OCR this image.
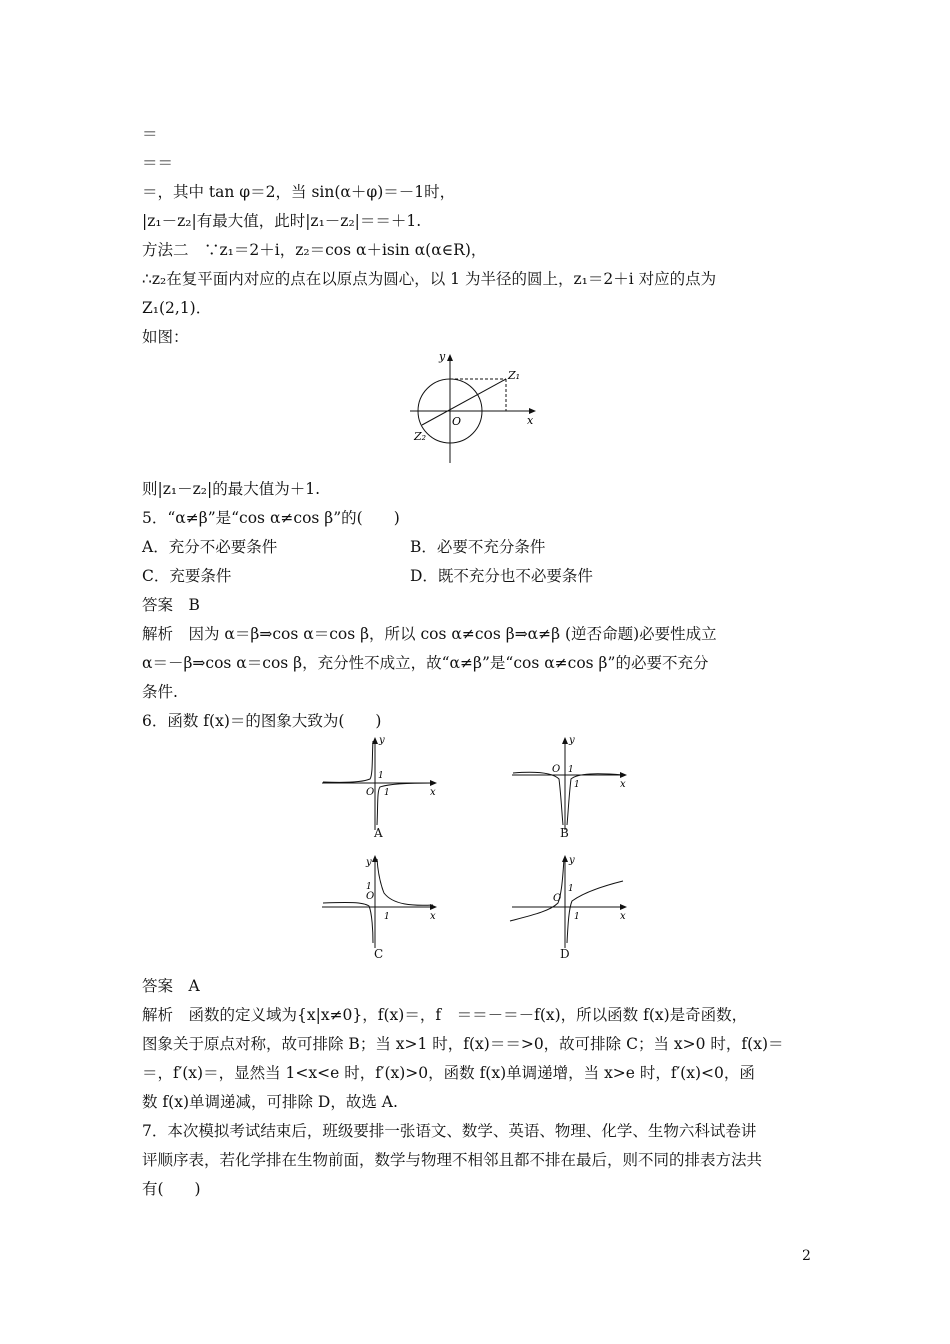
＝
＝＝
＝，其中 tan φ＝2，当 sin(α＋φ)＝－1时，
|z₁－z₂|有最大值，此时|z₁－z₂|＝＝＋1.
方法二　∵z₁＝2＋i，z₂＝cos α＋isin α(α∈R)，
∴z₂在复平面内对应的点在以原点为圆心，以 1 为半径的圆上，z₁＝2＋i 对应的点为
Z₁(2,1)．
如图：
y
x
O
Z₁
Z₂
则|z₁－z₂|的最大值为＋1.
5．“α≠β”是“cos α≠cos β”的(　　)
A．充分不必要条件	B．必要不充分条件
C．充要条件	D．既不充分也不必要条件
答案　B
解析　因为 α＝β⇒cos α＝cos β，所以 cos α≠cos β⇒α≠β (逆否命题)必要性成立
α＝－β⇒cos α＝cos β，充分性不成立，故“α≠β”是“cos α≠cos β”的必要不充分
条件.
6．函数 f(x)＝的图象大致为(　　)
y
x
O
1
1
A
y
x
O 1
1
B
y
x
O
1
1
C
y
x
O
1
1
D
答案　A
解析　函数的定义域为{x|x≠0}，f(x)＝，f　＝＝－＝－f(x)，所以函数 f(x)是奇函数，
图象关于原点对称，故可排除 B；当 x>1 时，f(x)＝＝>0，故可排除 C；当 x>0 时，f(x)＝
＝，f′(x)＝，显然当 1<x<e 时，f′(x)>0，函数 f(x)单调递增，当 x>e 时，f′(x)<0，函
数 f(x)单调递减，可排除 D，故选 A.
7．本次模拟考试结束后，班级要排一张语文、数学、英语、物理、化学、生物六科试卷讲
评顺序表，若化学排在生物前面，数学与物理不相邻且都不排在最后，则不同的排表方法共
有(　　)
2
